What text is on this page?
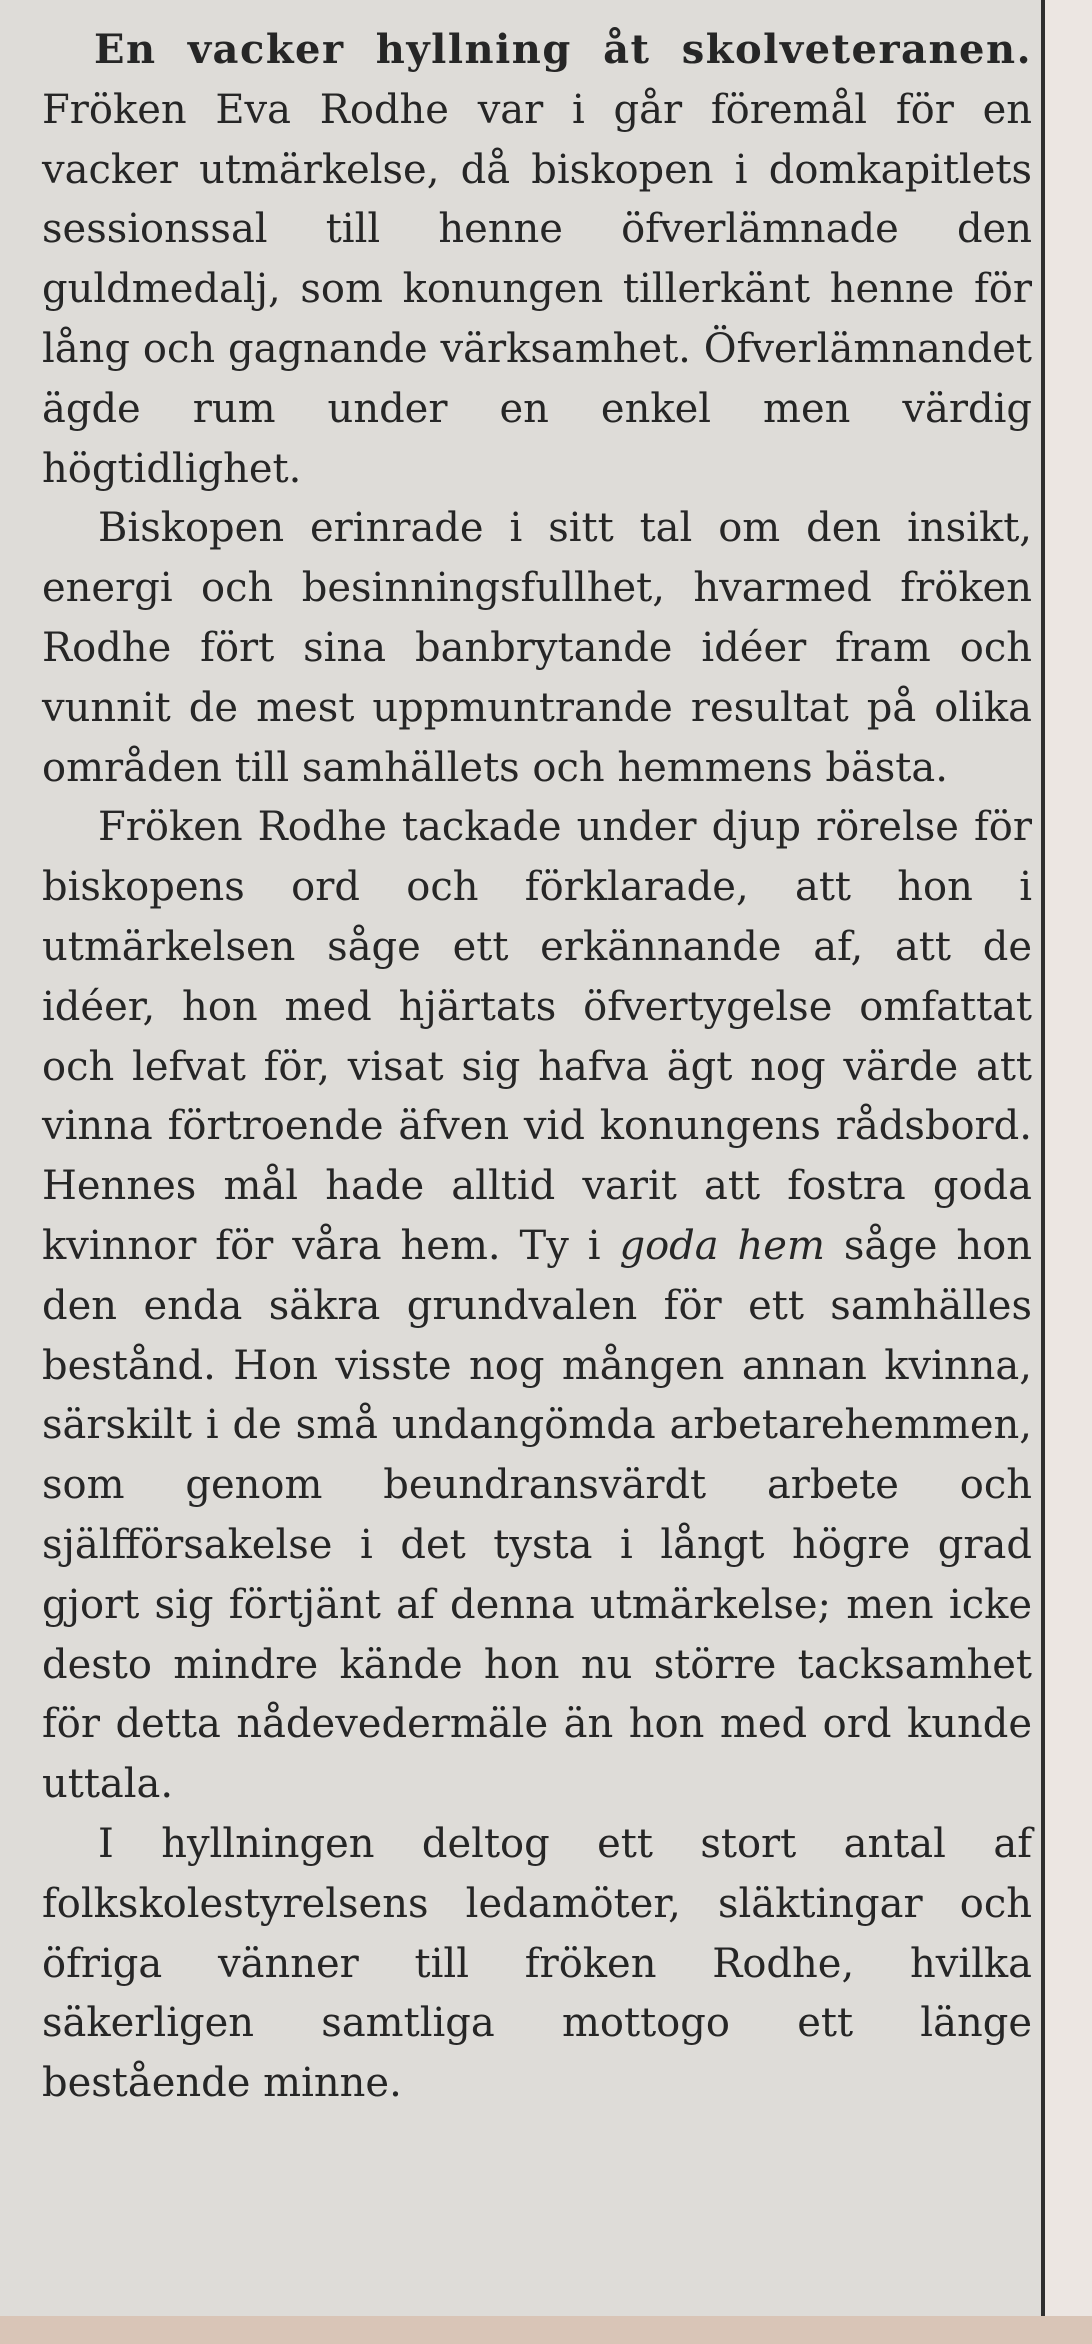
En vacker hyllning åt skolveteranen. Fröken Eva Rodhe var i går föremål för en vacker utmärkelse, då biskopen i domkapitlets sessionssal till henne öfverlämnade den guldmedalj, som konungen tillerkänt henne för lång och gagnande värksamhet. Öfverlämnandet ägde rum under en enkel men värdig högtidlighet.

Biskopen erinrade i sitt tal om den insikt, energi och besinningsfullhet, hvarmed fröken Rodhe fört sina banbrytande idéer fram och vunnit de mest uppmuntrande resultat på olika områden till samhällets och hemmens bästa.

Fröken Rodhe tackade under djup rörelse för biskopens ord och förklarade, att hon i utmärkelsen såge ett erkännande af, att de idéer, hon med hjärtats öfvertygelse omfattat och lefvat för, visat sig hafva ägt nog värde att vinna förtroende äfven vid konungens rådsbord. Hennes mål hade alltid varit att fostra goda kvinnor för våra hem. Ty i goda hem såge hon den enda säkra grundvalen för ett samhälles bestånd. Hon visste nog mången annan kvinna, särskilt i de små undangömda arbetarehemmen, som genom beundransvärdt arbete och själfförsakelse i det tysta i långt högre grad gjort sig förtjänt af denna utmärkelse; men icke desto mindre kände hon nu större tacksamhet för detta nådevedermäle än hon med ord kunde uttala.

I hyllningen deltog ett stort antal af folkskolestyrelsens ledamöter, släktingar och öfriga vänner till fröken Rodhe, hvilka säkerligen samtliga mottogo ett länge bestående minne.
